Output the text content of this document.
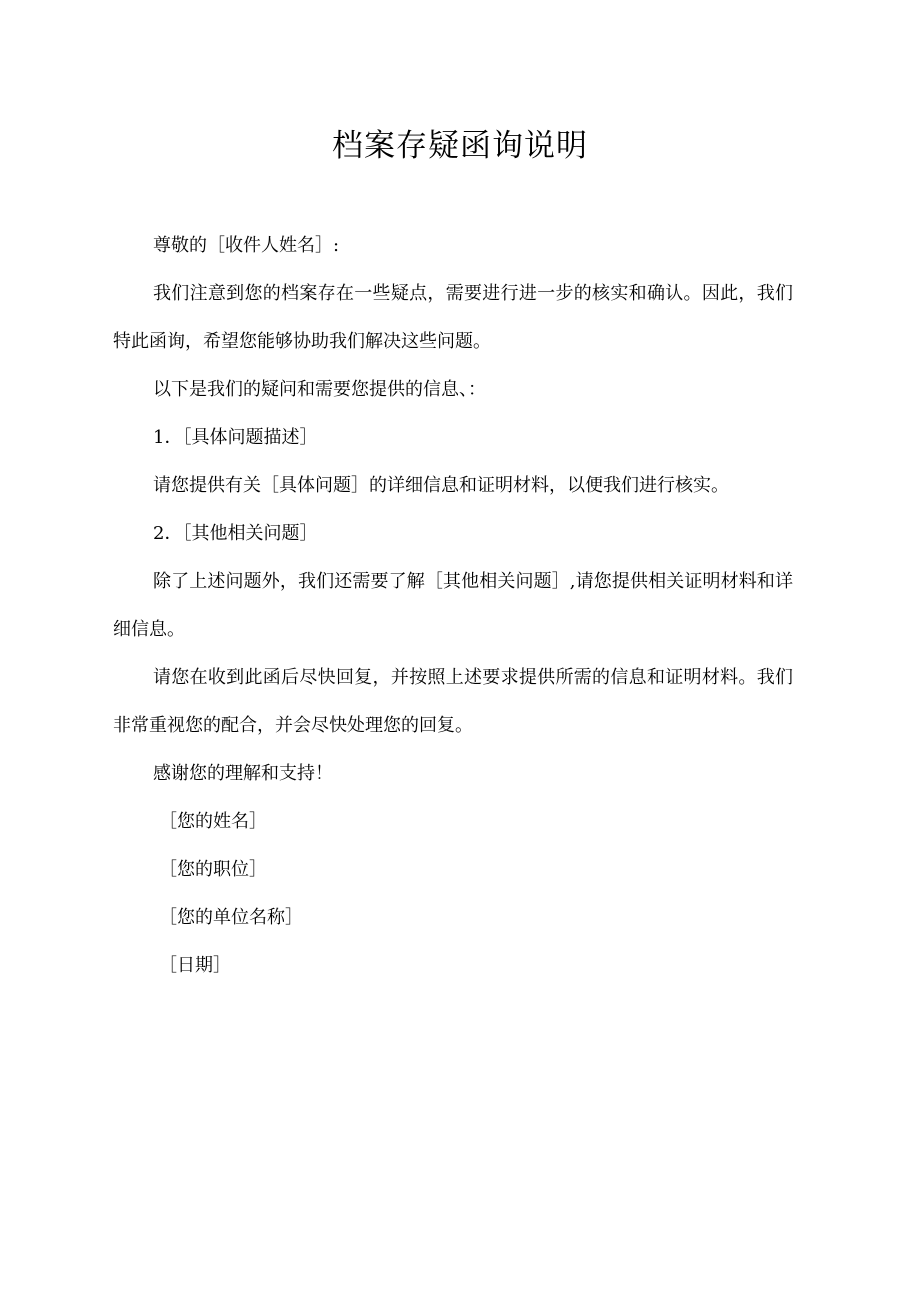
档案存疑函询说明

尊敬的［收件人姓名］:

我们注意到您的档案存在一些疑点，需要进行进一步的核实和确认。因此，我们特此函询，希望您能够协助我们解决这些问题。

以下是我们的疑问和需要您提供的信息、：

1．［具体问题描述］

请您提供有关［具体问题］的详细信息和证明材料，以便我们进行核实。

2．［其他相关问题］

除了上述问题外，我们还需要了解［其他相关问题］,请您提供相关证明材料和详细信息。

请您在收到此函后尽快回复，并按照上述要求提供所需的信息和证明材料。我们非常重视您的配合，并会尽快处理您的回复。

感谢您的理解和支持！

［您的姓名］

［您的职位］

［您的单位名称］

［日期］
